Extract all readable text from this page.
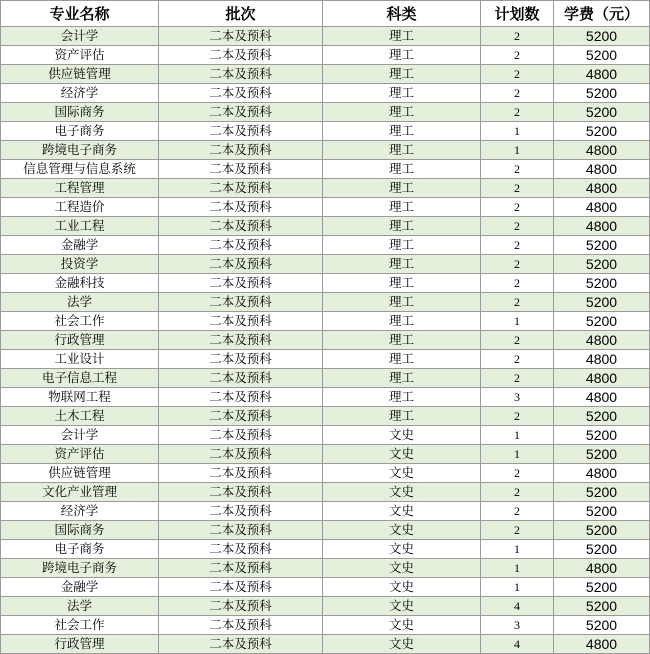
专业名称	批次	科类	计划数	学费（元）
会计学	二本及预科	理工	2	5200
资产评估	二本及预科	理工	2	5200
供应链管理	二本及预科	理工	2	4800
经济学	二本及预科	理工	2	5200
国际商务	二本及预科	理工	2	5200
电子商务	二本及预科	理工	1	5200
跨境电子商务	二本及预科	理工	1	4800
信息管理与信息系统	二本及预科	理工	2	4800
工程管理	二本及预科	理工	2	4800
工程造价	二本及预科	理工	2	4800
工业工程	二本及预科	理工	2	4800
金融学	二本及预科	理工	2	5200
投资学	二本及预科	理工	2	5200
金融科技	二本及预科	理工	2	5200
法学	二本及预科	理工	2	5200
社会工作	二本及预科	理工	1	5200
行政管理	二本及预科	理工	2	4800
工业设计	二本及预科	理工	2	4800
电子信息工程	二本及预科	理工	2	4800
物联网工程	二本及预科	理工	3	4800
土木工程	二本及预科	理工	2	5200
会计学	二本及预科	文史	1	5200
资产评估	二本及预科	文史	1	5200
供应链管理	二本及预科	文史	2	4800
文化产业管理	二本及预科	文史	2	5200
经济学	二本及预科	文史	2	5200
国际商务	二本及预科	文史	2	5200
电子商务	二本及预科	文史	1	5200
跨境电子商务	二本及预科	文史	1	4800
金融学	二本及预科	文史	1	5200
法学	二本及预科	文史	4	5200
社会工作	二本及预科	文史	3	5200
行政管理	二本及预科	文史	4	4800
